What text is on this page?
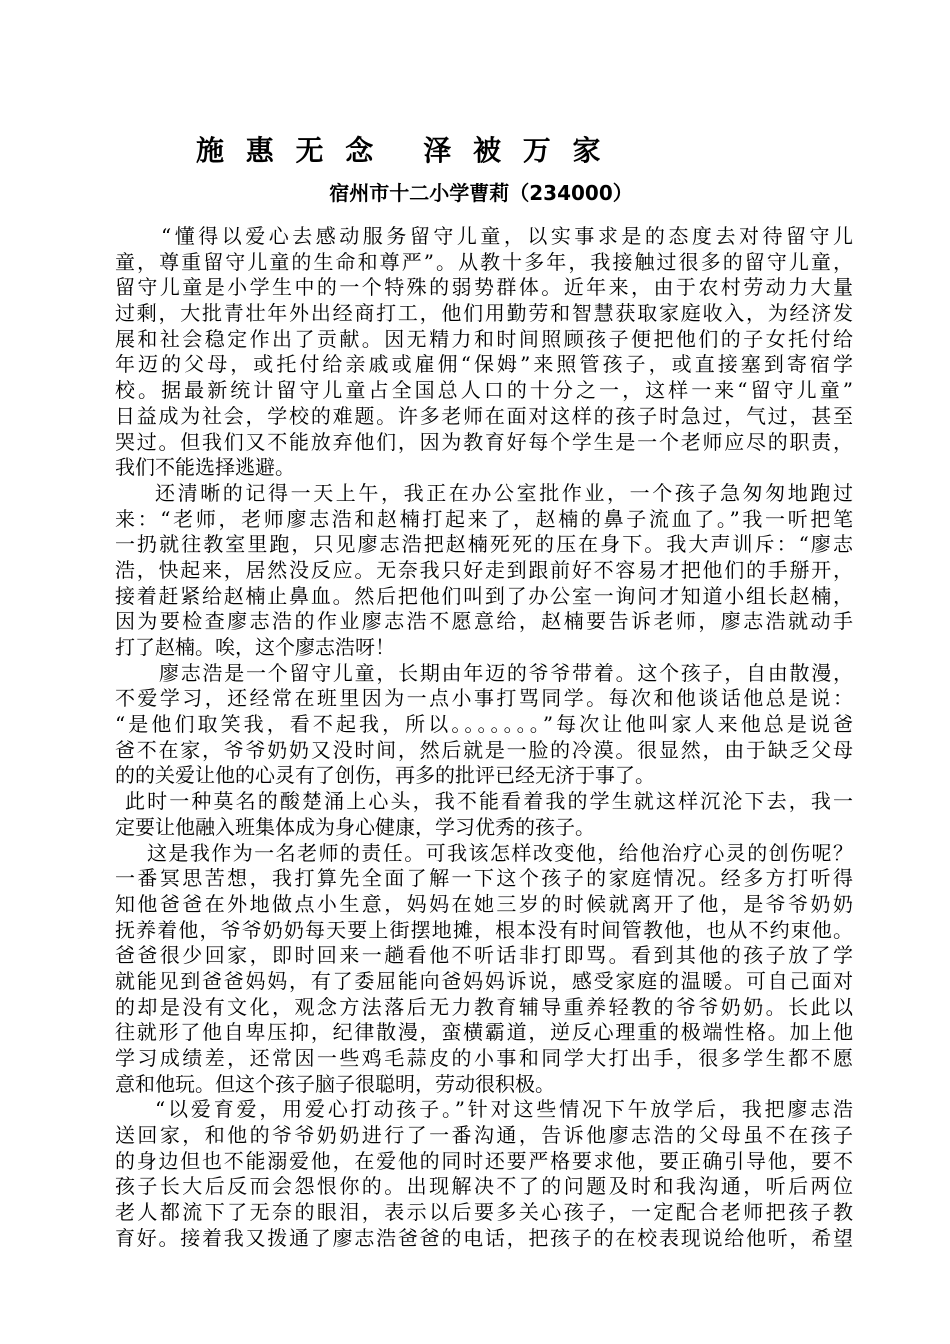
施 惠 无 念 泽 被 万 家
宿州市十二小学曹莉（234000）
“懂得以爱心去感动服务留守儿童，以实事求是的态度去对待留守儿
童，尊重留守儿童的生命和尊严”。从教十多年，我接触过很多的留守儿童，
留守儿童是小学生中的一个特殊的弱势群体。近年来，由于农村劳动力大量
过剩，大批青壮年外出经商打工，他们用勤劳和智慧获取家庭收入，为经济发
展和社会稳定作出了贡献。因无精力和时间照顾孩子便把他们的子女托付给
年迈的父母，或托付给亲戚或雇佣“保姆”来照管孩子，或直接塞到寄宿学
校。据最新统计留守儿童占全国总人口的十分之一，这样一来“留守儿童”
日益成为社会，学校的难题。许多老师在面对这样的孩子时急过，气过，甚至
哭过。但我们又不能放弃他们，因为教育好每个学生是一个老师应尽的职责，
我们不能选择逃避。
还清晰的记得一天上午，我正在办公室批作业，一个孩子急匆匆地跑过
来：“老师，老师廖志浩和赵楠打起来了，赵楠的鼻子流血了。”我一听把笔
一扔就往教室里跑，只见廖志浩把赵楠死死的压在身下。我大声训斥：“廖志
浩，快起来，居然没反应。无奈我只好走到跟前好不容易才把他们的手掰开，
接着赶紧给赵楠止鼻血。然后把他们叫到了办公室一询问才知道小组长赵楠，
因为要检查廖志浩的作业廖志浩不愿意给，赵楠要告诉老师，廖志浩就动手
打了赵楠。唉，这个廖志浩呀！
廖志浩是一个留守儿童，长期由年迈的爷爷带着。这个孩子，自由散漫，
不爱学习，还经常在班里因为一点小事打骂同学。每次和他谈话他总是说：
“是他们取笑我，看不起我，所以。。。。。。。”每次让他叫家人来他总是说爸
爸不在家，爷爷奶奶又没时间，然后就是一脸的冷漠。很显然，由于缺乏父母
的的关爱让他的心灵有了创伤，再多的批评已经无济于事了。
此时一种莫名的酸楚涌上心头，我不能看着我的学生就这样沉沦下去，我一
定要让他融入班集体成为身心健康，学习优秀的孩子。
这是我作为一名老师的责任。可我该怎样改变他，给他治疗心灵的创伤呢？
一番冥思苦想，我打算先全面了解一下这个孩子的家庭情况。经多方打听得
知他爸爸在外地做点小生意，妈妈在她三岁的时候就离开了他，是爷爷奶奶
抚养着他，爷爷奶奶每天要上街摆地摊，根本没有时间管教他，也从不约束他。
爸爸很少回家，即时回来一趟看他不听话非打即骂。看到其他的孩子放了学
就能见到爸爸妈妈，有了委屈能向爸妈妈诉说，感受家庭的温暖。可自己面对
的却是没有文化，观念方法落后无力教育辅导重养轻教的爷爷奶奶。长此以
往就形了他自卑压抑，纪律散漫，蛮横霸道，逆反心理重的极端性格。加上他
学习成绩差，还常因一些鸡毛蒜皮的小事和同学大打出手，很多学生都不愿
意和他玩。但这个孩子脑子很聪明，劳动很积极。
“以爱育爱，用爱心打动孩子。”针对这些情况下午放学后，我把廖志浩
送回家，和他的爷爷奶奶进行了一番沟通，告诉他廖志浩的父母虽不在孩子
的身边但也不能溺爱他，在爱他的同时还要严格要求他，要正确引导他，要不
孩子长大后反而会怨恨你的。出现解决不了的问题及时和我沟通，听后两位
老人都流下了无奈的眼泪，表示以后要多关心孩子，一定配合老师把孩子教
育好。接着我又拨通了廖志浩爸爸的电话，把孩子的在校表现说给他听，希望
